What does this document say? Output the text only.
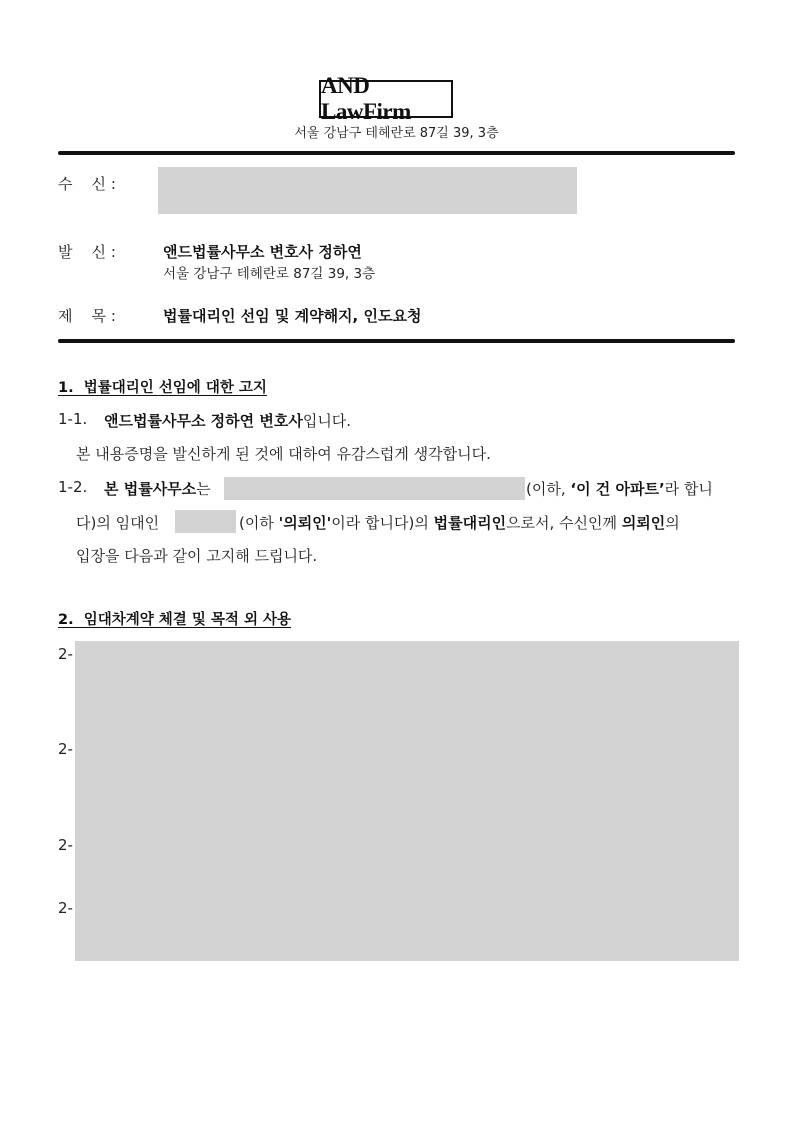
AND LawFirm
서울 강남구 테헤란로 87길 39, 3층
수    신 :
발    신 :	앤드법률사무소 변호사 정하연
서울 강남구 테헤란로 87길 39, 3층
제    목 :	법률대리인 선임 및 계약해지, 인도요청
1.  법률대리인 선임에 대한 고지
1-1. 앤드법률사무소 정하연 변호사입니다.
본 내용증명을 발신하게 된 것에 대하여 유감스럽게 생각합니다.
1-2. 본 법률사무소는	(이하, ‘이 건 아파트’라 합니
다)의 임대인	(이하 '의뢰인'이라 합니다)의 법률대리인으로서, 수신인께 의뢰인의
입장을 다음과 같이 고지해 드립니다.
2.  임대차계약 체결 및 목적 외 사용
2-
2-
2-
2-
